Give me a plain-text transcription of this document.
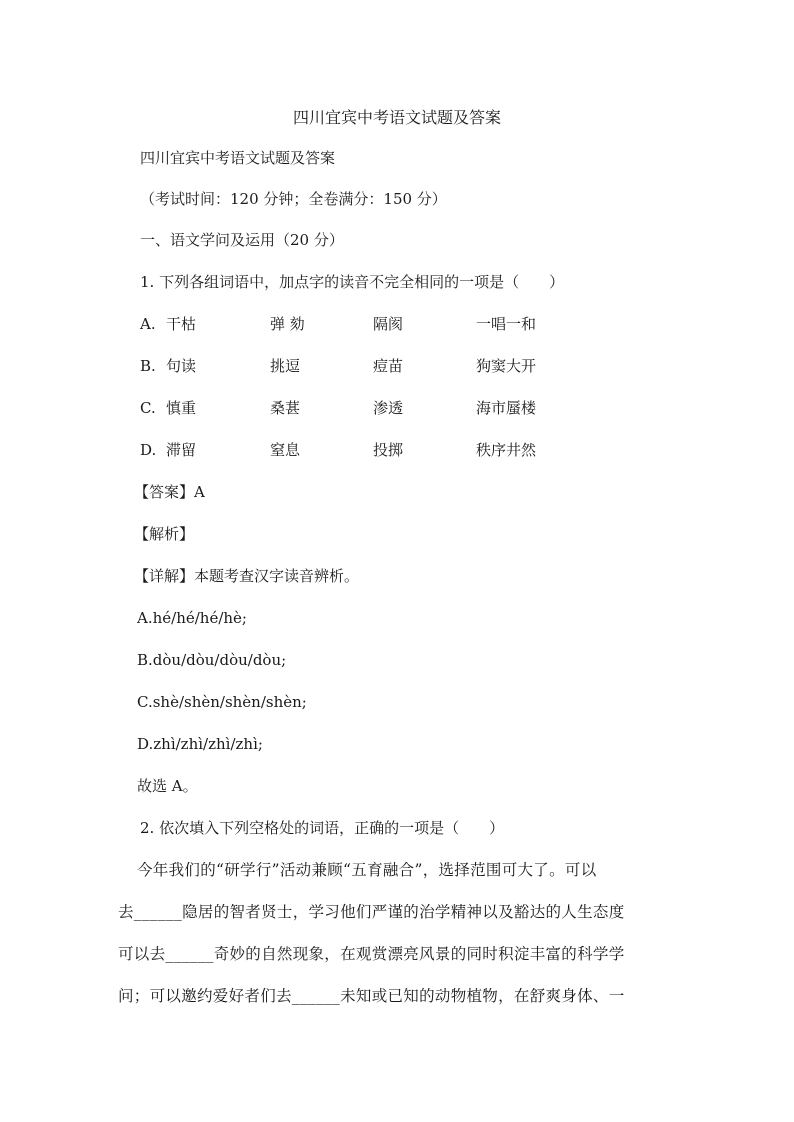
四川宜宾中考语文试题及答案
四川宜宾中考语文试题及答案
（考试时间：120 分钟；全卷满分：150 分）
一、语文学问及运用（20 分）
1. 下列各组词语中，加点字的读音不完全相同的一项是（　　）
A. 干枯	弹 劾	隔阂	一唱一和
B. 句读	挑逗	痘苗	狗窦大开
C. 慎重	桑葚	渗透	海市蜃楼
D. 滞留	窒息	投掷	秩序井然
【答案】A
【解析】
【详解】本题考查汉字读音辨析。
A.hé/hé/hé/hè;
B.dòu/dòu/dòu/dòu;
C.shè/shèn/shèn/shèn;
D.zhì/zhì/zhì/zhì;
故选 A。
2. 依次填入下列空格处的词语，正确的一项是（　　）
今年我们的“研学行”活动兼顾“五育融合”，选择范围可大了。可以
去______隐居的智者贤士，学习他们严谨的治学精神以及豁达的人生态度
可以去______奇妙的自然现象，在观赏漂亮风景的同时积淀丰富的科学学
问；可以邀约爱好者们去______未知或已知的动物植物，在舒爽身体、一
